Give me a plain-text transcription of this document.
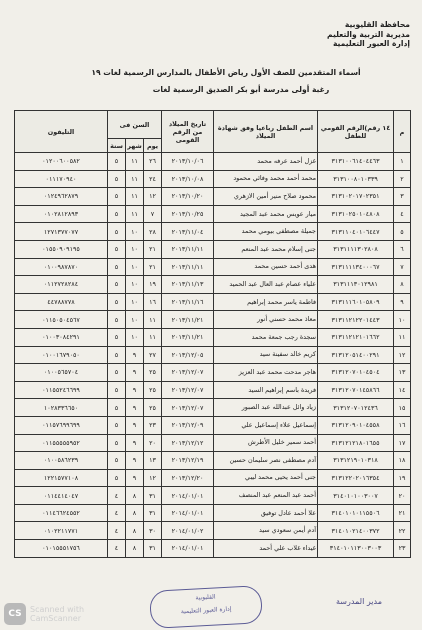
محافظة القليوبية
مديرية التربية والتعليم
إدارة العبور التعليمية
أسماء المتقدمين للصف الأول رياض الأطفال بالمدارس الرسمية لغات ١٩
رغبة أولى مدرسة أبو بكر الصديق الرسمية لغات
م	١٤ رقم)الرقم القومي للطفل	اسم الطفل رباعيا وفق شهادة الميلاد	تاريخ الميلاد من الرقم القومى	السن فى			التليفون
				يوم	شهر	سنة	
١	٣١٣١٠٠٦١٤٠٤٤٦٣	غزل أحمد عرفه محمد	٢٠١٣/١٠/٠٦	٢٦	١١	٥	٠١٢٠٠٦٠٠٥٨٢
٢	٣١٣١٠٠٨٠١٠٣٣٩	محمد أحمد محمد وفائي محمود	٢٠١٣/١٠/٠٨	٢٤	١١	٥	٠١١١٧٠٩٤٠
٣	٣١٣١٠٢٠١٧٠٢٣٥١	محمود صلاح منير أمين الازهري	٢٠١٣/١٠/٢٠	١٢	١١	٥	٠١٢٤٩٦٢٨٧٩
٤	٣١٣١٠٢٥٠١٠٤٨٠٨	ميار عويس محمد عبد المجيد	٢٠١٣/١٠/٢٥	٧	١١	٥	٠١٠٢٨١٢٨٩٣
٥	٣١٣١١٠٤٠١٠٦٤٤٧	جميلة مصطفى بيومي محمد	٢٠١٣/١١/٠٤	٢٨	١٠	٥	١٢٧١٣٧٧٠٧٧
٦	٣١٣١١١١٣٠٢٨٠٨	جنى إسلام محمد عبد المنعم	٢٠١٣/١١/١١	٢١	١٠	٥	٠١٥٥٠٩٠٩١٩٥
٧	٣١٣١١١١٣٤٠٠٠٦٧	هدى أحمد حسين محمد	٢٠١٣/١١/١١	٢١	١٠	٥	٠١٠٠٩٨٧٨٧٠
٨	٣١٣١١١٣٠١٢٩٨١	علياء عصام عبد العال عبد الحميد	٢٠١٣/١١/١٣	١٩	١٠	٥	٠١١٢٧٢٨٢٨٤
٩	٣١٣١١١٦٠١٠٥٨٠٩	فاطمة ياسر محمد إبراهيم	٢٠١٣/١١/١٦	١٦	١٠	٥	٤٤٧٨٨٧٧٨
١٠	٣١٣١١٢١٢٢٠١٤٤٣	معاذ محمد حسني أنور	٢٠١٣/١١/٢١	١١	١٠	٥	٠١١٥٠٥٠٤٥٦٧
١١	٣١٣١١٢١٢١٠١٦٦٢	سجدة رجب جمعة محمد	٢٠١٣/١١/٢١	١١	١٠	٥	٠١٠٠٣٠٨٤٢٩١
١٢	٣١٣١٢٠٥١٤٠٠٢٩١	كريم خالد سفينة سيد	٢٠١٣/١٢/٠٥	٢٧	٩	٥	٠١٠٠١٦٧٩٠٥٠
١٣	٣١٣١٢٠٧٠١٠٤٥٠٤	هاجر مدحت محمد عبد العزيز	٢٠١٣/١٢/٠٧	٢٥	٩	٥	٠١٠٠٥٦٥٧٠٤
١٤	٣١٣١٢٠٧٠١٤٥٨٦٦	فريدة باسم إبراهيم السيد	٢٠١٣/١٢/٠٧	٢٥	٩	٥	٠١١٥٥٢٤٦٦٩٩
١٥	٣١٣١٢٠٧٠١٢٤٣٦	زياد وائل عبدالله عبد الصبور	٢٠١٣/١٢/٠٧	٢٥	٩	٥	١٠٢٨٣٣٦٦٥٠
١٦	٣١٣١٢٠٩٠١٠٤٥٥٨	إسماعيل علاء إسماعيل علي	٢٠١٣/١٢/٠٩	٢٣	٩	٥	٠١١٥٧٦٩٩٦٩٩
١٧	٣١٣١٢١٢١٨٠١٦٥٥	أحمد سمير خليل الأطرش	٢٠١٣/١٢/١٢	٢٠	٩	٥	٠١١٥٥٥٥٥٩٥٢
١٨	٣١٣١٢١٩٠١٠٣١٨	آدم مصطفى نصر سليمان حسين	٢٠١٣/١٢/١٩	١٣	٩	٥	٠١٠٠٥٨٦٢٣٩
١٩	٣١٣١٢٢٠٢٠١٦٣٥٤	جنى أحمد يحيى محمد ليبي	٢٠١٣/١٢/٢٠	١٢	٩	٥	١٢٢١٥٧٧١٠٨
٢٠	٣١٤٠١٠١٠٠٣٠٠٧	أحمد عبد المنعم عبد المنصف	٢٠١٤/٠١/٠١	٣١	٨	٤	٠١١٤٤١٤٠٤٧
٢١	٣١٤٠١٠١٠١١٥٥٠٦	علا أحمد عادل توفيق	٢٠١٤/٠١/٠١	٣١	٨	٤	٠١١٤٦٦٢٤٥٥٢
٢٢	٣١٤٠١٠٢١٤٠٠٣٧٢	آدم أيمن سعودي سيد	٢٠١٤/٠١/٠٢	٣٠	٨	٤	٠١٠٢٢١١٧٧١
٢٣	٣١٤٠١٠١١٣٠٠٣٠٠٣	غيداء غلاب علي أحمد	٢٠١٤/٠١/٠١	٣١	٨	٤	٠١٠١٥٥٥١٧٥٦
القليوبية
إدارة العبور التعليمية
مدير المدرسة
CS	Scanned with
CamScanner
